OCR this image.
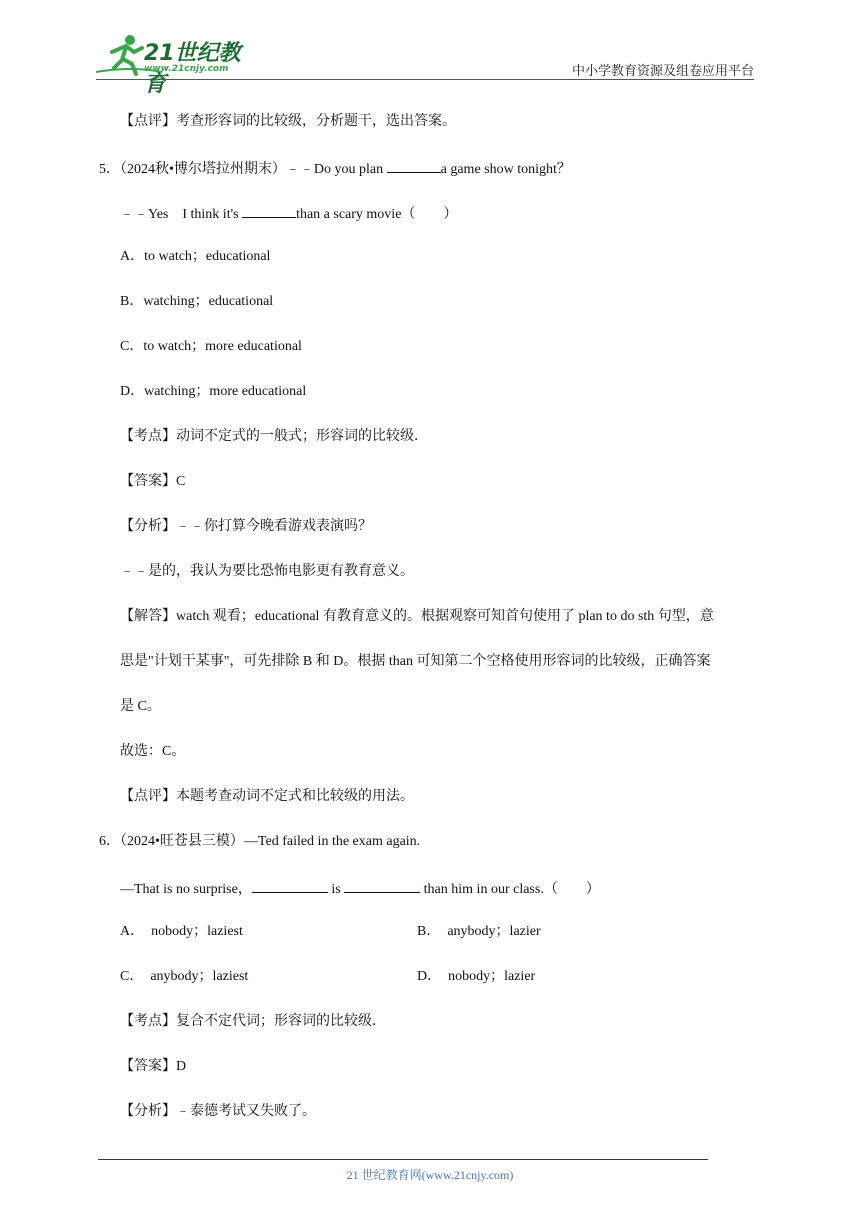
21世纪教育
www.21cnjy.com	中小学教育资源及组卷应用平台
【点评】考查形容词的比较级，分析题干，选出答案。
5．（2024秋•博尔塔拉州期末）﹣﹣Do you plan	a game show tonight？
﹣﹣Yes　I think it's	than a scary movie（　　）
A．to watch；educational
B．watching；educational
C．to watch；more educational
D．watching；more educational
【考点】动词不定式的一般式；形容词的比较级．
【答案】C
【分析】﹣﹣你打算今晚看游戏表演吗？
﹣﹣是的，我认为要比恐怖电影更有教育意义。
【解答】watch 观看；educational 有教育意义的。根据观察可知首句使用了 plan to do sth 句型，意
思是"计划干某事"，可先排除 B 和 D。根据 than 可知第二个空格使用形容词的比较级，正确答案
是 C。
故选：C。
【点评】本题考查动词不定式和比较级的用法。
6．（2024•旺苍县三模）—Ted failed in the exam again.
—That is no surprise，	is	than him in our class.（　　）
A．　nobody；laziest	B．　anybody；lazier
C．　anybody；laziest	D．　nobody；lazier
【考点】复合不定代词；形容词的比较级．
【答案】D
【分析】﹣泰德考试又失败了。
21 世纪教育网(www.21cnjy.com)
